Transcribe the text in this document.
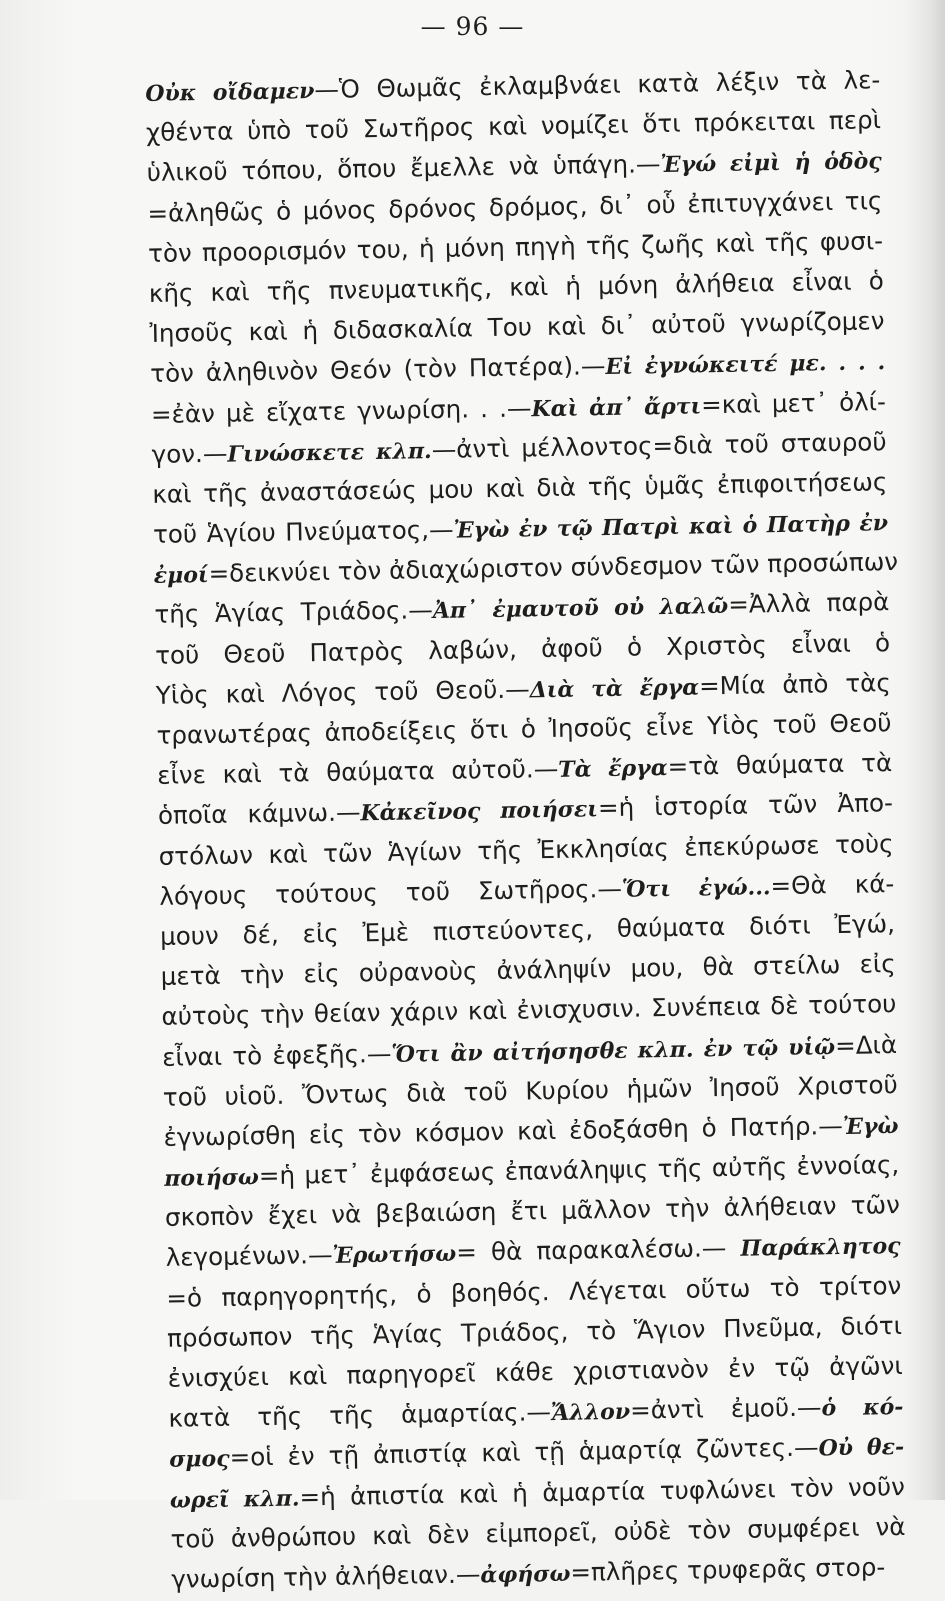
— 96 —
Οὐκ οἴδαμεν—Ὁ Θωμᾶς ἐκλαμβνάει κατὰ λέξιν τὰ λε-
χθέντα ὑπὸ τοῦ Σωτῆρος καὶ νομίζει ὅτι πρόκειται περὶ
ὑλικοῦ τόπου, ὅπου ἔμελλε νὰ ὑπάγη.—Ἐγώ εἰμὶ ἡ ὁδὸς
=ἀληθῶς ὁ μόνος δρόνος δρόμος, δι᾿ οὗ ἐπιτυγχάνει τις
τὸν προορισμόν του, ἡ μόνη πηγὴ τῆς ζωῆς καὶ τῆς φυσι-
κῆς καὶ τῆς πνευματικῆς, καὶ ἡ μόνη ἀλήθεια εἶναι ὁ
Ἰησοῦς καὶ ἡ διδασκαλία Του καὶ δι᾿ αὐτοῦ γνωρίζομεν
τὸν ἀληθινὸν Θεόν (τὸν Πατέρα).—Εἰ ἐγνώκειτέ με. . . .
=ἐὰν μὲ εἴχατε γνωρίση. . .—Καὶ ἀπ᾿ ἄρτι=καὶ μετ᾿ ὀλί-
γον.—Γινώσκετε κλπ.—ἀντὶ μέλλοντος=διὰ τοῦ σταυροῦ
καὶ τῆς ἀναστάσεώς μου καὶ διὰ τῆς ὑμᾶς ἐπιφοιτήσεως
τοῦ Ἁγίου Πνεύματος,—Ἐγὼ ἐν τῷ Πατρὶ καὶ ὁ Πατὴρ ἐν
ἐμοί=δεικνύει τὸν ἀδιαχώριστον σύνδεσμον τῶν προσώπων
τῆς Ἁγίας Τριάδος.—Ἀπ᾿ ἐμαυτοῦ οὐ λαλῶ=Ἀλλὰ παρὰ
τοῦ Θεοῦ Πατρὸς λαβών, ἀφοῦ ὁ Χριστὸς εἶναι ὁ
Υἱὸς καὶ Λόγος τοῦ Θεοῦ.—Διὰ τὰ ἔργα=Μία ἀπὸ τὰς
τρανωτέρας ἀποδείξεις ὅτι ὁ Ἰησοῦς εἶνε Υἱὸς τοῦ Θεοῦ
εἶνε καὶ τὰ θαύματα αὐτοῦ.—Τὰ ἔργα=τὰ θαύματα τὰ
ὁποῖα κάμνω.—Κἀκεῖνος ποιήσει=ἡ ἱστορία τῶν Ἀπο-
στόλων καὶ τῶν Ἁγίων τῆς Ἐκκλησίας ἐπεκύρωσε τοὺς
λόγους τούτους τοῦ Σωτῆρος.—Ὅτι ἐγώ...=Θὰ κά-
μουν δέ, εἰς Ἐμὲ πιστεύοντες, θαύματα διότι Ἐγώ,
μετὰ τὴν εἰς οὐρανοὺς ἀνάληψίν μου, θὰ στείλω εἰς
αὐτοὺς τὴν θείαν χάριν καὶ ἐνισχυσιν. Συνέπεια δὲ τούτου
εἶναι τὸ ἐφεξῆς.—Ὅτι ἂν αἰτήσησθε κλπ. ἐν τῷ υἱῷ=Διὰ
τοῦ υἱοῦ. Ὄντως διὰ τοῦ Κυρίου ἡμῶν Ἰησοῦ Χριστοῦ
ἐγνωρίσθη εἰς τὸν κόσμον καὶ ἐδοξάσθη ὁ Πατήρ.—Ἐγὼ
ποιήσω=ἡ μετ᾿ ἐμφάσεως ἐπανάληψις τῆς αὐτῆς ἐννοίας,
σκοπὸν ἔχει νὰ βεβαιώση ἔτι μᾶλλον τὴν ἀλήθειαν τῶν
λεγομένων.—Ἐρωτήσω= θὰ παρακαλέσω.— Παράκλητος
=ὁ παρηγορητής, ὁ βοηθός. Λέγεται οὕτω τὸ τρίτον
πρόσωπον τῆς Ἁγίας Τριάδος, τὸ Ἅγιον Πνεῦμα, διότι
ἐνισχύει καὶ παρηγορεῖ κάθε χριστιανὸν ἐν τῷ ἀγῶνι
κατὰ τῆς τῆς ἁμαρτίας.—Ἄλλον=ἀντὶ ἐμοῦ.—ὁ κό-
σμος=οἱ ἐν τῇ ἀπιστίᾳ καὶ τῇ ἁμαρτίᾳ ζῶντες.—Οὐ θε-
ωρεῖ κλπ.=ἡ ἀπιστία καὶ ἡ ἁμαρτία τυφλώνει τὸν νοῦν
τοῦ ἀνθρώπου καὶ δὲν εἰμπορεῖ, οὐδὲ τὸν συμφέρει νὰ
γνωρίση τὴν ἀλήθειαν.—ἀφήσω=πλῆρες τρυφερᾶς στορ-
